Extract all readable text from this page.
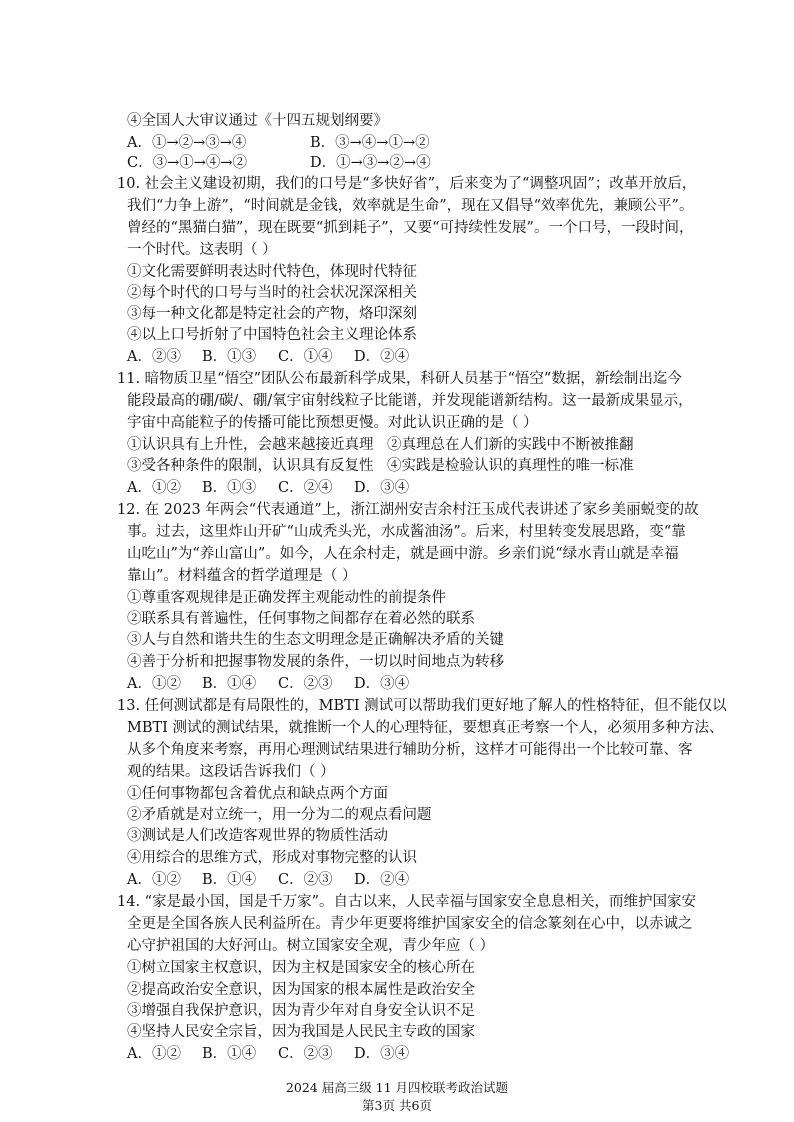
④全国人大审议通过《十四五规划纲要》
A．①→②→③→④	B．③→④→①→②
C．③→①→④→②	D．①→③→②→④
10. 社会主义建设初期，我们的口号是“多快好省”，后来变为了“调整巩固”；改革开放后，
我们“力争上游”，“时间就是金钱，效率就是生命”，现在又倡导“效率优先，兼顾公平”。
曾经的“黑猫白猫”，现在既要“抓到耗子”，又要“可持续性发展”。一个口号，一段时间，
一个时代。这表明（ ）
①文化需要鲜明表达时代特色，体现时代特征
②每个时代的口号与当时的社会状况深深相关
③每一种文化都是特定社会的产物，烙印深刻
④以上口号折射了中国特色社会主义理论体系
A．②③ B．①③ C．①④ D．②④
11. 暗物质卫星“悟空”团队公布最新科学成果，科研人员基于“悟空”数据，新绘制出迄今
能段最高的硼/碳/、硼/氧宇宙射线粒子比能谱，并发现能谱新结构。这一最新成果显示，
宇宙中高能粒子的传播可能比预想更慢。对此认识正确的是（ ）
①认识具有上升性，会越来越接近真理 ②真理总在人们新的实践中不断被推翻
③受各种条件的限制，认识具有反复性 ④实践是检验认识的真理性的唯一标准
A．①② B．①③ C．②④ D．③④
12. 在 2023 年两会“代表通道”上，浙江湖州安吉余村汪玉成代表讲述了家乡美丽蜕变的故
事。过去，这里炸山开矿“山成秃头光，水成酱油汤”。后来，村里转变发展思路，变“靠
山吃山”为“养山富山”。如今，人在余村走，就是画中游。乡亲们说“绿水青山就是幸福
靠山”。材料蕴含的哲学道理是（ ）
①尊重客观规律是正确发挥主观能动性的前提条件
②联系具有普遍性，任何事物之间都存在着必然的联系
③人与自然和谐共生的生态文明理念是正确解决矛盾的关键
④善于分析和把握事物发展的条件，一切以时间地点为转移
A．①② B．①④ C．②③ D．③④
13. 任何测试都是有局限性的，MBTI 测试可以帮助我们更好地了解人的性格特征，但不能仅以
MBTI 测试的测试结果，就推断一个人的心理特征，要想真正考察一个人，必须用多种方法、
从多个角度来考察，再用心理测试结果进行辅助分析，这样才可能得出一个比较可靠、客
观的结果。这段话告诉我们（ ）
①任何事物都包含着优点和缺点两个方面
②矛盾就是对立统一，用一分为二的观点看问题
③测试是人们改造客观世界的物质性活动
④用综合的思维方式，形成对事物完整的认识
A．①② B．①④ C．②③ D．②④
14. “家是最小国，国是千万家”。自古以来，人民幸福与国家安全息息相关，而维护国家安
全更是全国各族人民利益所在。青少年更要将维护国家安全的信念篆刻在心中，以赤诚之
心守护祖国的大好河山。树立国家安全观，青少年应（ ）
①树立国家主权意识，因为主权是国家安全的核心所在
②提高政治安全意识，因为国家的根本属性是政治安全
③增强自我保护意识，因为青少年对自身安全认识不足
④坚持人民安全宗旨，因为我国是人民民主专政的国家
A．①② B．①④ C．②③ D．③④
2024 届高三级 11 月四校联考政治试题
第3页 共6页
